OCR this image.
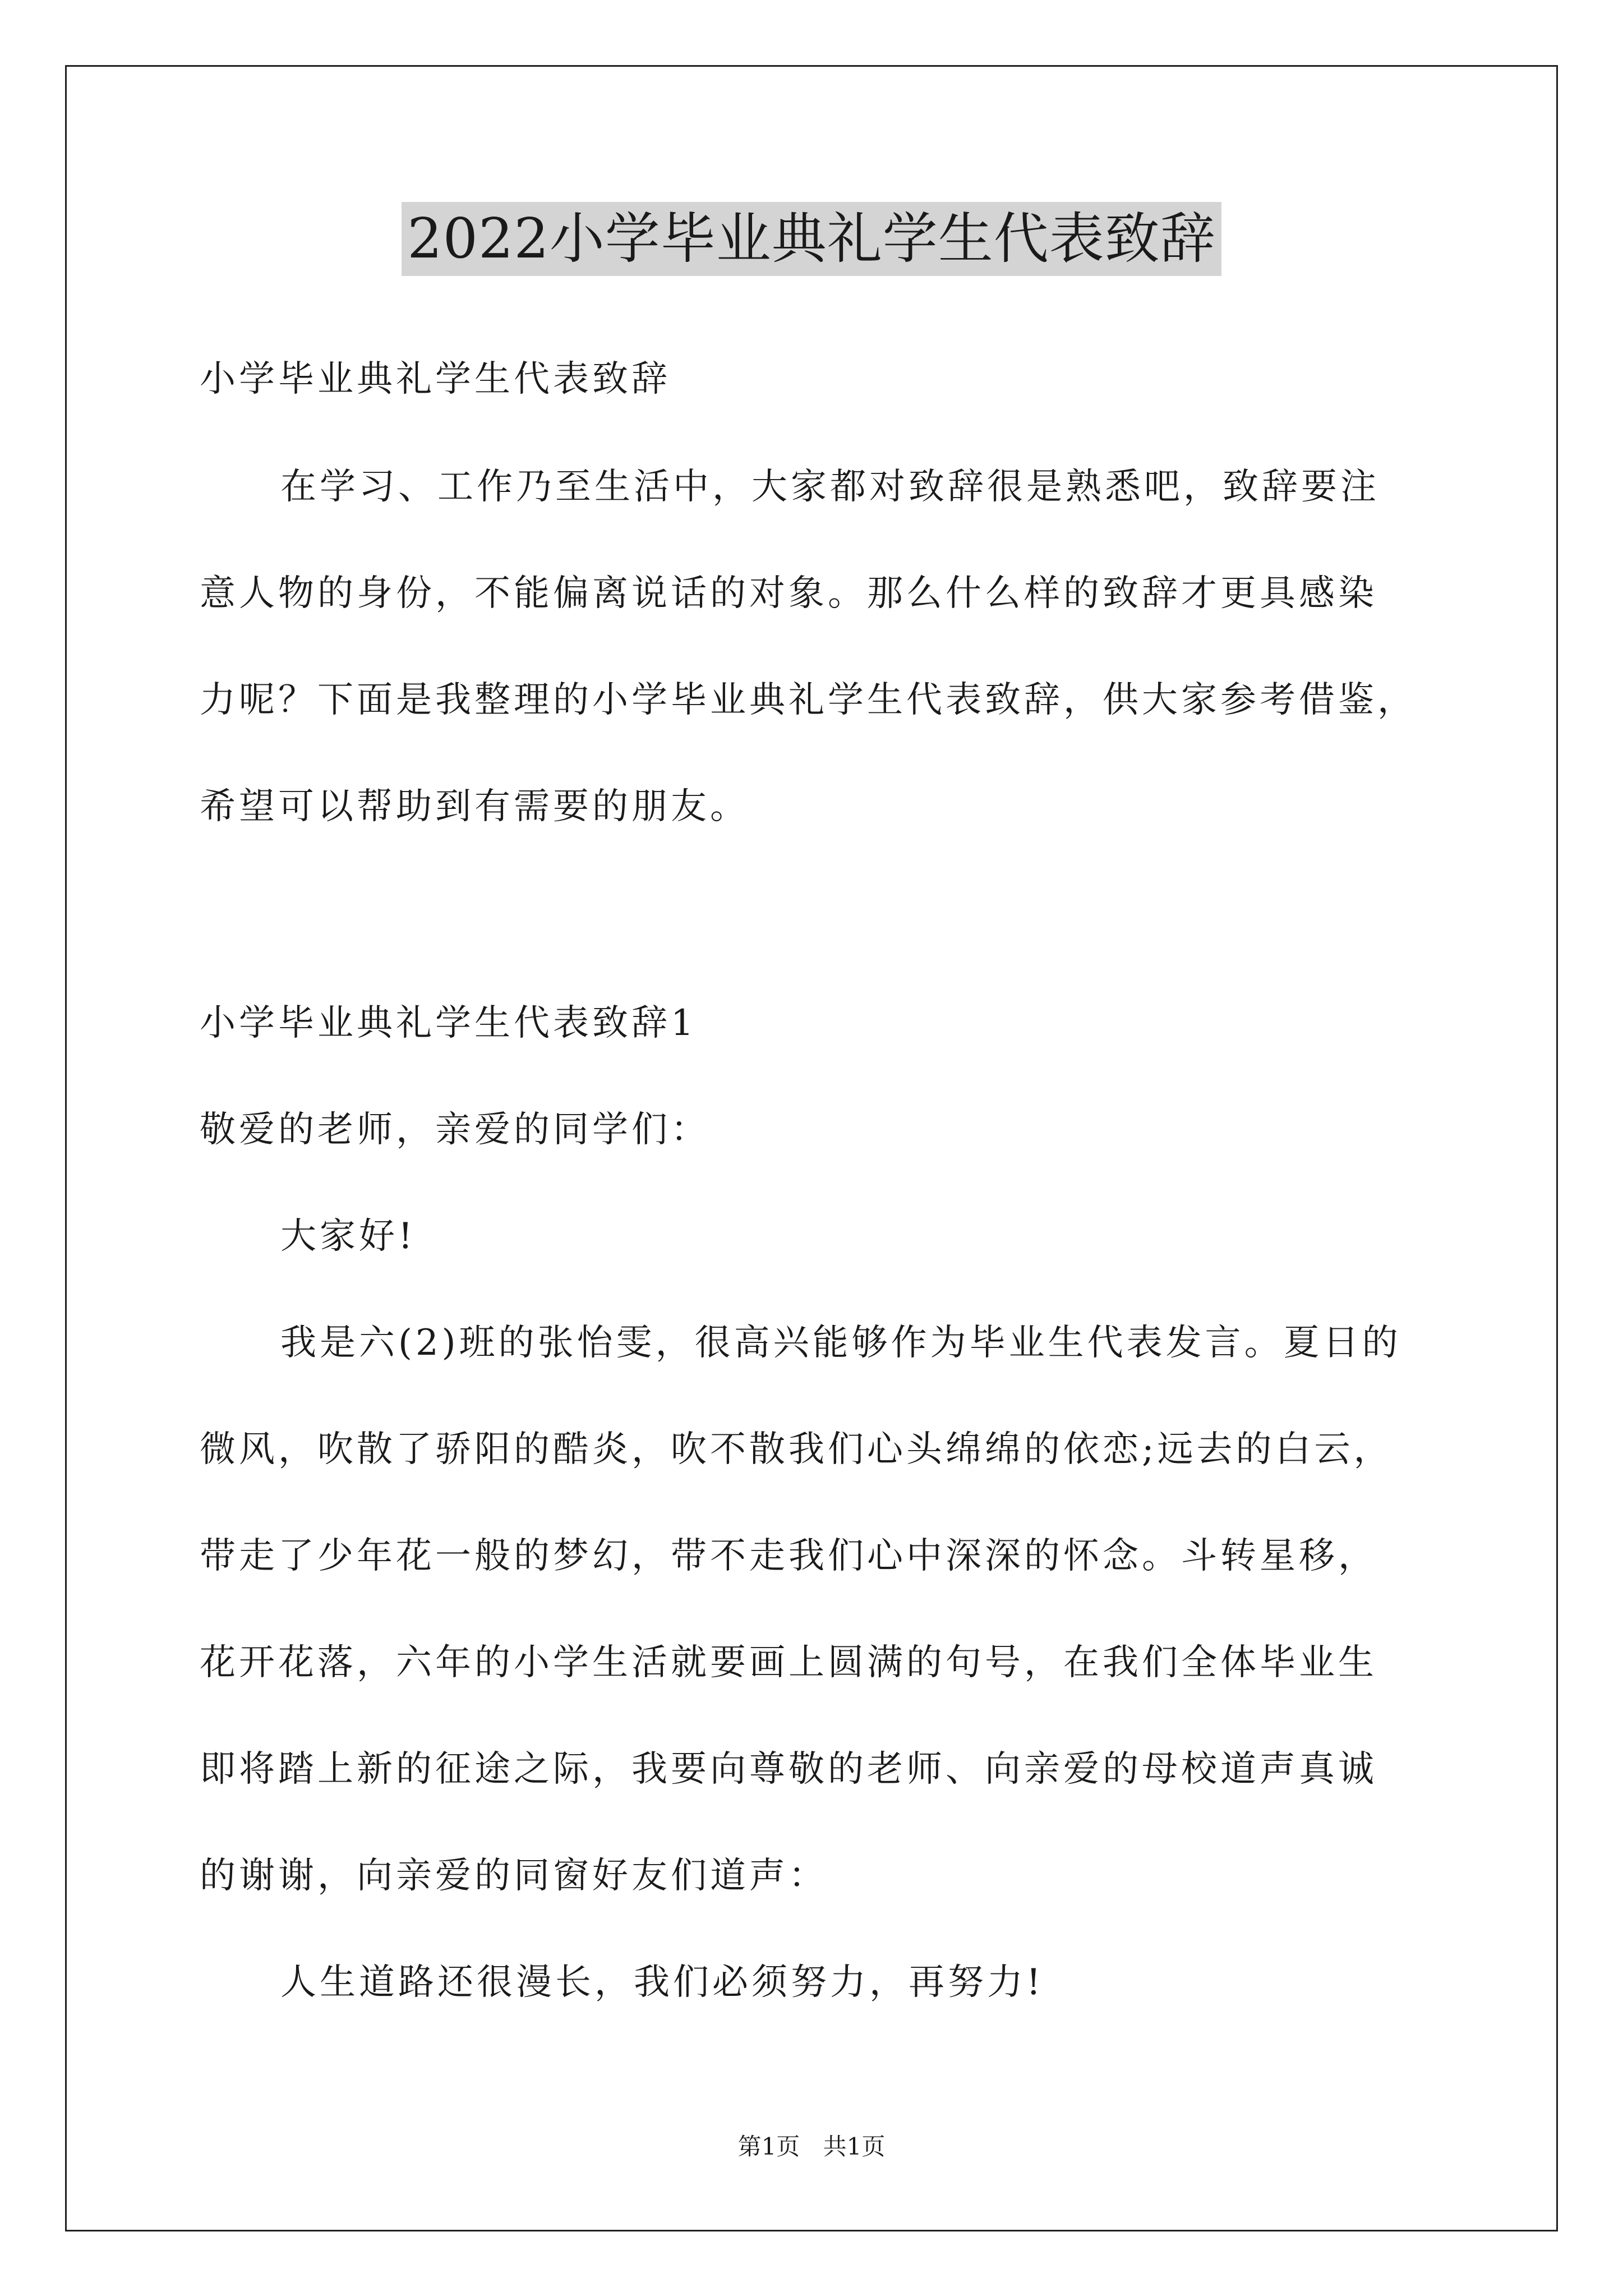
2022小学毕业典礼学生代表致辞
小学毕业典礼学生代表致辞
在学习、工作乃至生活中，大家都对致辞很是熟悉吧，致辞要注
意人物的身份，不能偏离说话的对象。那么什么样的致辞才更具感染
力呢？下面是我整理的小学毕业典礼学生代表致辞，供大家参考借鉴，
希望可以帮助到有需要的朋友。
小学毕业典礼学生代表致辞1
敬爱的老师，亲爱的同学们：
大家好!
我是六(2)班的张怡雯，很高兴能够作为毕业生代表发言。夏日的
微风，吹散了骄阳的酷炎，吹不散我们心头绵绵的依恋;远去的白云，
带走了少年花一般的梦幻，带不走我们心中深深的怀念。斗转星移，
花开花落，六年的小学生活就要画上圆满的句号，在我们全体毕业生
即将踏上新的征途之际，我要向尊敬的老师、向亲爱的母校道声真诚
的谢谢，向亲爱的同窗好友们道声：
人生道路还很漫长，我们必须努力，再努力!
第1页 共1页
